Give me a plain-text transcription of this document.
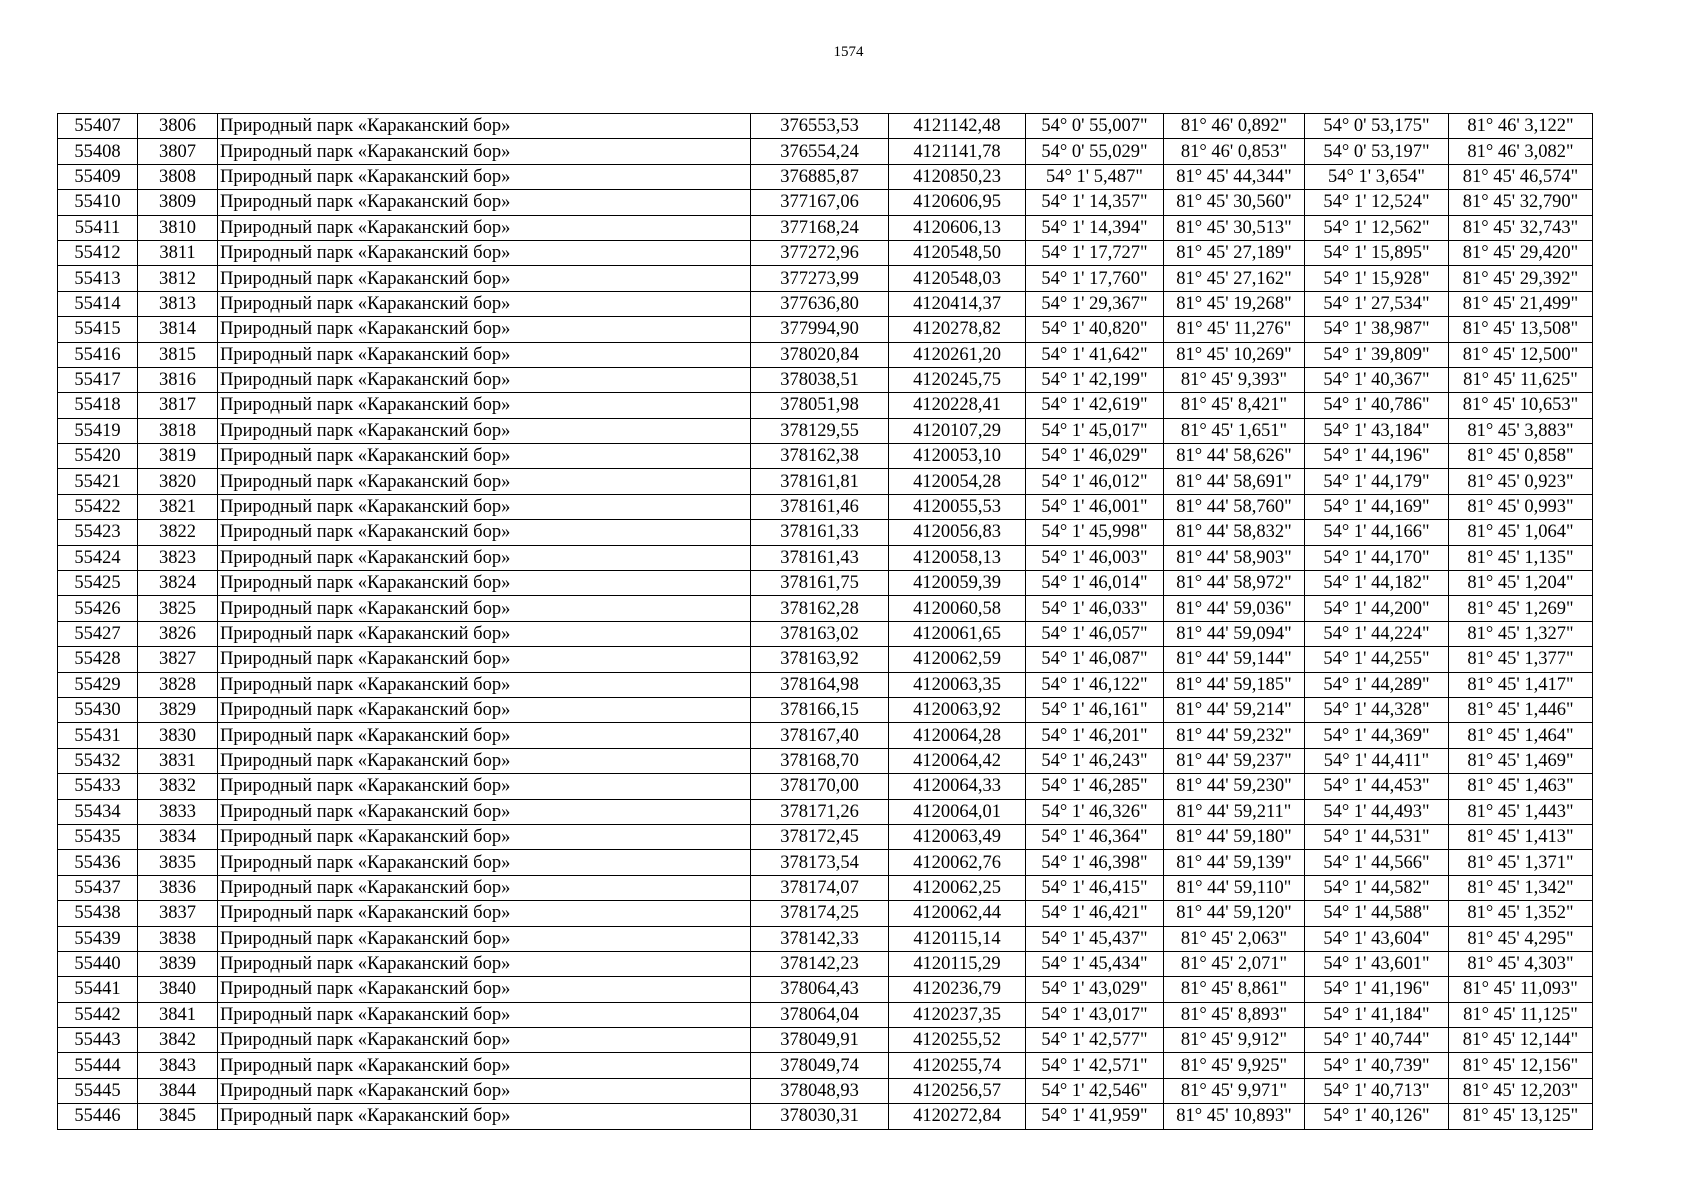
1574
55407	3806	Природный парк «Караканский бор»	376553,53	4121142,48	54° 0' 55,007"	81° 46' 0,892"	54° 0' 53,175"	81° 46' 3,122"
55408	3807	Природный парк «Караканский бор»	376554,24	4121141,78	54° 0' 55,029"	81° 46' 0,853"	54° 0' 53,197"	81° 46' 3,082"
55409	3808	Природный парк «Караканский бор»	376885,87	4120850,23	54° 1' 5,487"	81° 45' 44,344"	54° 1' 3,654"	81° 45' 46,574"
55410	3809	Природный парк «Караканский бор»	377167,06	4120606,95	54° 1' 14,357"	81° 45' 30,560"	54° 1' 12,524"	81° 45' 32,790"
55411	3810	Природный парк «Караканский бор»	377168,24	4120606,13	54° 1' 14,394"	81° 45' 30,513"	54° 1' 12,562"	81° 45' 32,743"
55412	3811	Природный парк «Караканский бор»	377272,96	4120548,50	54° 1' 17,727"	81° 45' 27,189"	54° 1' 15,895"	81° 45' 29,420"
55413	3812	Природный парк «Караканский бор»	377273,99	4120548,03	54° 1' 17,760"	81° 45' 27,162"	54° 1' 15,928"	81° 45' 29,392"
55414	3813	Природный парк «Караканский бор»	377636,80	4120414,37	54° 1' 29,367"	81° 45' 19,268"	54° 1' 27,534"	81° 45' 21,499"
55415	3814	Природный парк «Караканский бор»	377994,90	4120278,82	54° 1' 40,820"	81° 45' 11,276"	54° 1' 38,987"	81° 45' 13,508"
55416	3815	Природный парк «Караканский бор»	378020,84	4120261,20	54° 1' 41,642"	81° 45' 10,269"	54° 1' 39,809"	81° 45' 12,500"
55417	3816	Природный парк «Караканский бор»	378038,51	4120245,75	54° 1' 42,199"	81° 45' 9,393"	54° 1' 40,367"	81° 45' 11,625"
55418	3817	Природный парк «Караканский бор»	378051,98	4120228,41	54° 1' 42,619"	81° 45' 8,421"	54° 1' 40,786"	81° 45' 10,653"
55419	3818	Природный парк «Караканский бор»	378129,55	4120107,29	54° 1' 45,017"	81° 45' 1,651"	54° 1' 43,184"	81° 45' 3,883"
55420	3819	Природный парк «Караканский бор»	378162,38	4120053,10	54° 1' 46,029"	81° 44' 58,626"	54° 1' 44,196"	81° 45' 0,858"
55421	3820	Природный парк «Караканский бор»	378161,81	4120054,28	54° 1' 46,012"	81° 44' 58,691"	54° 1' 44,179"	81° 45' 0,923"
55422	3821	Природный парк «Караканский бор»	378161,46	4120055,53	54° 1' 46,001"	81° 44' 58,760"	54° 1' 44,169"	81° 45' 0,993"
55423	3822	Природный парк «Караканский бор»	378161,33	4120056,83	54° 1' 45,998"	81° 44' 58,832"	54° 1' 44,166"	81° 45' 1,064"
55424	3823	Природный парк «Караканский бор»	378161,43	4120058,13	54° 1' 46,003"	81° 44' 58,903"	54° 1' 44,170"	81° 45' 1,135"
55425	3824	Природный парк «Караканский бор»	378161,75	4120059,39	54° 1' 46,014"	81° 44' 58,972"	54° 1' 44,182"	81° 45' 1,204"
55426	3825	Природный парк «Караканский бор»	378162,28	4120060,58	54° 1' 46,033"	81° 44' 59,036"	54° 1' 44,200"	81° 45' 1,269"
55427	3826	Природный парк «Караканский бор»	378163,02	4120061,65	54° 1' 46,057"	81° 44' 59,094"	54° 1' 44,224"	81° 45' 1,327"
55428	3827	Природный парк «Караканский бор»	378163,92	4120062,59	54° 1' 46,087"	81° 44' 59,144"	54° 1' 44,255"	81° 45' 1,377"
55429	3828	Природный парк «Караканский бор»	378164,98	4120063,35	54° 1' 46,122"	81° 44' 59,185"	54° 1' 44,289"	81° 45' 1,417"
55430	3829	Природный парк «Караканский бор»	378166,15	4120063,92	54° 1' 46,161"	81° 44' 59,214"	54° 1' 44,328"	81° 45' 1,446"
55431	3830	Природный парк «Караканский бор»	378167,40	4120064,28	54° 1' 46,201"	81° 44' 59,232"	54° 1' 44,369"	81° 45' 1,464"
55432	3831	Природный парк «Караканский бор»	378168,70	4120064,42	54° 1' 46,243"	81° 44' 59,237"	54° 1' 44,411"	81° 45' 1,469"
55433	3832	Природный парк «Караканский бор»	378170,00	4120064,33	54° 1' 46,285"	81° 44' 59,230"	54° 1' 44,453"	81° 45' 1,463"
55434	3833	Природный парк «Караканский бор»	378171,26	4120064,01	54° 1' 46,326"	81° 44' 59,211"	54° 1' 44,493"	81° 45' 1,443"
55435	3834	Природный парк «Караканский бор»	378172,45	4120063,49	54° 1' 46,364"	81° 44' 59,180"	54° 1' 44,531"	81° 45' 1,413"
55436	3835	Природный парк «Караканский бор»	378173,54	4120062,76	54° 1' 46,398"	81° 44' 59,139"	54° 1' 44,566"	81° 45' 1,371"
55437	3836	Природный парк «Караканский бор»	378174,07	4120062,25	54° 1' 46,415"	81° 44' 59,110"	54° 1' 44,582"	81° 45' 1,342"
55438	3837	Природный парк «Караканский бор»	378174,25	4120062,44	54° 1' 46,421"	81° 44' 59,120"	54° 1' 44,588"	81° 45' 1,352"
55439	3838	Природный парк «Караканский бор»	378142,33	4120115,14	54° 1' 45,437"	81° 45' 2,063"	54° 1' 43,604"	81° 45' 4,295"
55440	3839	Природный парк «Караканский бор»	378142,23	4120115,29	54° 1' 45,434"	81° 45' 2,071"	54° 1' 43,601"	81° 45' 4,303"
55441	3840	Природный парк «Караканский бор»	378064,43	4120236,79	54° 1' 43,029"	81° 45' 8,861"	54° 1' 41,196"	81° 45' 11,093"
55442	3841	Природный парк «Караканский бор»	378064,04	4120237,35	54° 1' 43,017"	81° 45' 8,893"	54° 1' 41,184"	81° 45' 11,125"
55443	3842	Природный парк «Караканский бор»	378049,91	4120255,52	54° 1' 42,577"	81° 45' 9,912"	54° 1' 40,744"	81° 45' 12,144"
55444	3843	Природный парк «Караканский бор»	378049,74	4120255,74	54° 1' 42,571"	81° 45' 9,925"	54° 1' 40,739"	81° 45' 12,156"
55445	3844	Природный парк «Караканский бор»	378048,93	4120256,57	54° 1' 42,546"	81° 45' 9,971"	54° 1' 40,713"	81° 45' 12,203"
55446	3845	Природный парк «Караканский бор»	378030,31	4120272,84	54° 1' 41,959"	81° 45' 10,893"	54° 1' 40,126"	81° 45' 13,125"
